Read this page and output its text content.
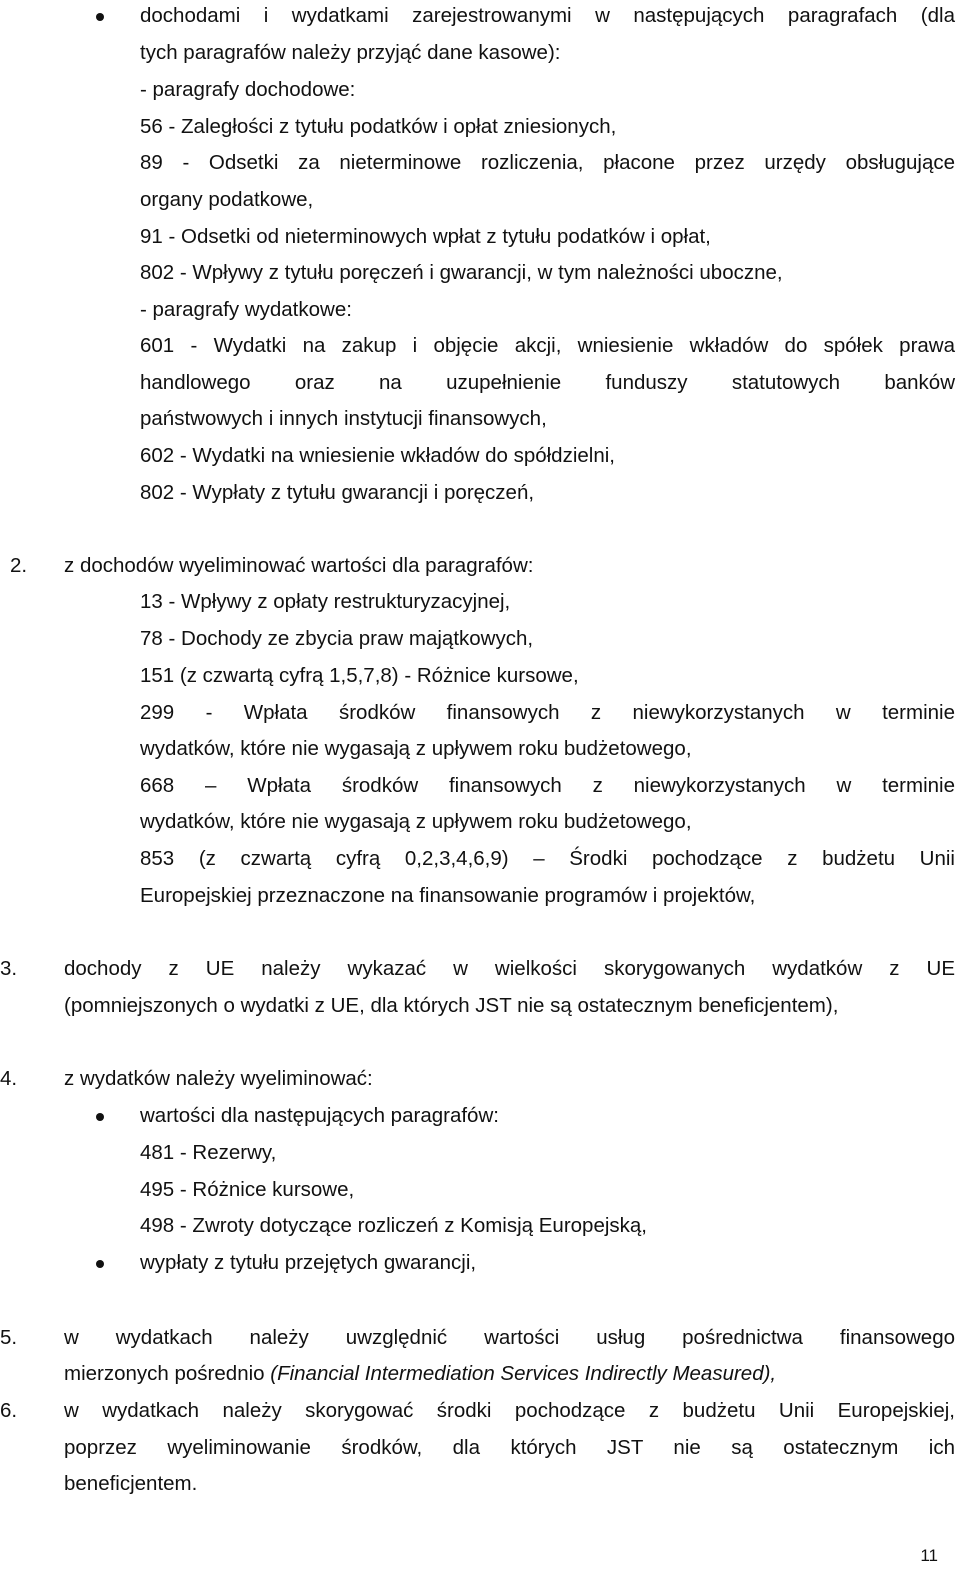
dochodami i wydatkami zarejestrowanymi w następujących paragrafach (dla
tych paragrafów należy przyjąć dane kasowe):
- paragrafy dochodowe:
56 - Zaległości z tytułu podatków i opłat zniesionych,
89 - Odsetki za nieterminowe rozliczenia, płacone przez urzędy obsługujące
organy podatkowe,
91 - Odsetki od nieterminowych wpłat z tytułu podatków i opłat,
802 - Wpływy z tytułu poręczeń i gwarancji, w tym należności uboczne,
- paragrafy wydatkowe:
601 - Wydatki na zakup i objęcie akcji, wniesienie wkładów do spółek prawa
handlowego oraz na uzupełnienie funduszy statutowych banków
państwowych i innych instytucji finansowych,
602 - Wydatki na wniesienie wkładów do spółdzielni,
802 - Wypłaty z tytułu gwarancji i poręczeń,
2. z dochodów wyeliminować wartości dla paragrafów:
13 - Wpływy z opłaty restrukturyzacyjnej,
78 - Dochody ze zbycia praw majątkowych,
151 (z czwartą cyfrą 1,5,7,8) - Różnice kursowe,
299 - Wpłata środków finansowych z niewykorzystanych w terminie
wydatków, które nie wygasają z upływem roku budżetowego,
668 – Wpłata środków finansowych z niewykorzystanych w terminie
wydatków, które nie wygasają z upływem roku budżetowego,
853 (z czwartą cyfrą 0,2,3,4,6,9) – Środki pochodzące z budżetu Unii
Europejskiej przeznaczone na finansowanie programów i projektów,
3. dochody z UE należy wykazać w wielkości skorygowanych wydatków z UE
(pomniejszonych o wydatki z UE, dla których JST nie są ostatecznym beneficjentem),
4. z wydatków należy wyeliminować:
wartości dla następujących paragrafów:
481 - Rezerwy,
495 - Różnice kursowe,
498 - Zwroty dotyczące rozliczeń z Komisją Europejską,
wypłaty z tytułu przejętych gwarancji,
5. w wydatkach należy uwzględnić wartości usług pośrednictwa finansowego
mierzonych pośrednio (Financial Intermediation Services Indirectly Measured),
6. w wydatkach należy skorygować środki pochodzące z budżetu Unii Europejskiej,
poprzez wyeliminowanie środków, dla których JST nie są ostatecznym ich
beneficjentem.
11
